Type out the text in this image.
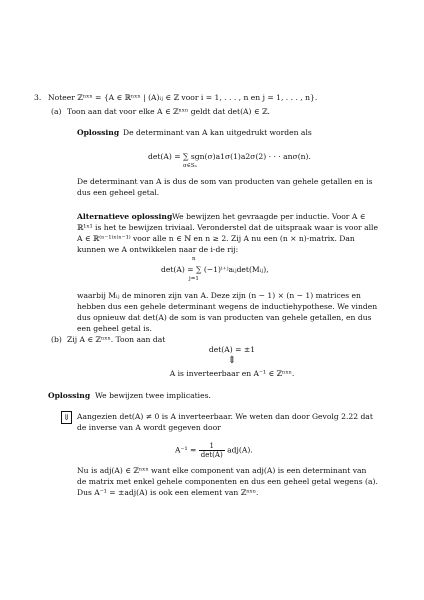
3. Noteer ℤⁿˣⁿ = {A ∈ ℝⁿˣⁿ | (A)ᵢⱼ ∈ ℤ voor i = 1, . . . , n en j = 1, . . . , n}.
(a) Toon aan dat voor elke A ∈ ℤⁿˣⁿ geldt dat det(A) ∈ ℤ.
Oplossing De determinant van A kan uitgedrukt worden als
det(A) = ∑ sgn(σ)a1σ(1)a2σ(2) · · · anσ(n).
σ∈Sₙ
De determinant van A is dus de som van producten van gehele getallen en is
dus een geheel getal.
Alternatieve oplossing We bewijzen het gevraagde per inductie. Voor A ∈
ℝ¹ˣ¹ is het te bewijzen triviaal. Veronderstel dat de uitspraak waar is voor alle
A ∈ ℝ⁽ⁿ⁻¹⁾ˣ⁽ⁿ⁻¹⁾ voor alle n ∈ ℕ en n ≥ 2. Zij A nu een (n × n)-matrix. Dan
kunnen we A ontwikkelen naar de i-de rij:
n
det(A) = ∑ (−1)ⁱ⁺ʲaᵢⱼdet(Mᵢⱼ),
j=1
waarbij Mᵢⱼ de minoren zijn van A. Deze zijn (n − 1) × (n − 1) matrices en
hebben dus een gehele determinant wegens de inductiehypothese. We vinden
dus opnieuw dat det(A) de som is van producten van gehele getallen, en dus
een geheel getal is.
(b) Zij A ∈ ℤⁿˣⁿ. Toon aan dat
det(A) = ±1
⇕
A is inverteerbaar en A⁻¹ ∈ ℤⁿˣⁿ.
Oplossing We bewijzen twee implicaties.
⇓ Aangezien det(A) ≠ 0 is A inverteerbaar. We weten dan door Gevolg 2.22 dat
de inverse van A wordt gegeven door
$A^{-1} = \frac{1}{\det(A)} adj(A)$.
Nu is adj(A) ∈ ℤⁿˣⁿ want elke component van adj(A) is een determinant van
de matrix met enkel gehele componenten en dus een geheel getal wegens (a).
Dus A⁻¹ = ±adj(A) is ook een element van ℤⁿˣⁿ.
